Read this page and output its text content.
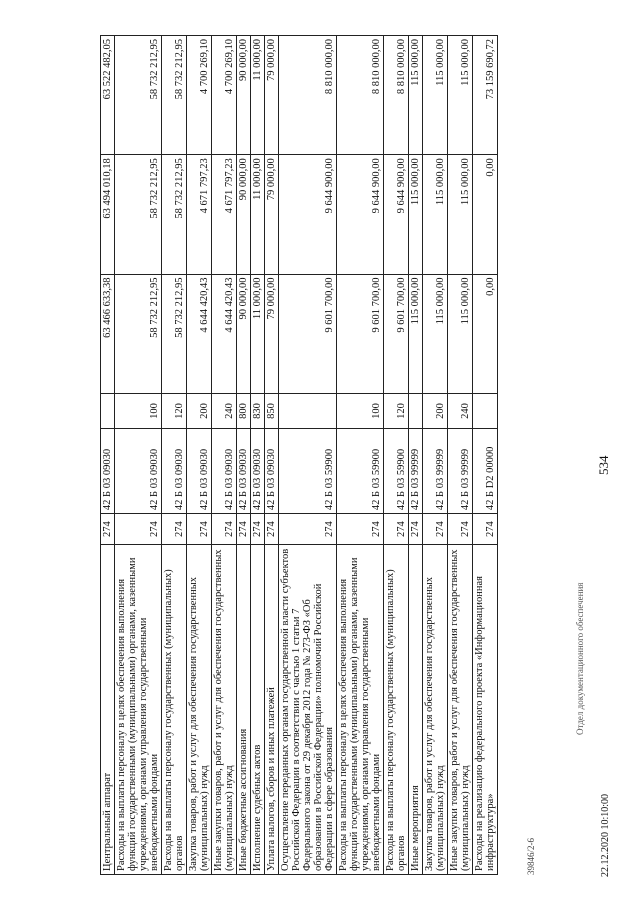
534
Центральный аппарат	274	42 Б 03 09030		63 466 633,38	63 494 010,18	63 522 482,05
Расходы на выплаты персоналу в целях обеспечения выполнения функций государственными (муниципальными) органами, казенными учреждениями, органами управления государственными внебюджетными фондами	274	42 Б 03 09030	100	58 732 212,95	58 732 212,95	58 732 212,95
Расходы на выплаты персоналу государственных (муниципальных) органов	274	42 Б 03 09030	120	58 732 212,95	58 732 212,95	58 732 212,95
Закупка товаров, работ и услуг для обеспечения государственных (муниципальных) нужд	274	42 Б 03 09030	200	4 644 420,43	4 671 797,23	4 700 269,10
Иные закупки товаров, работ и услуг для обеспечения государственных (муниципальных) нужд	274	42 Б 03 09030	240	4 644 420,43	4 671 797,23	4 700 269,10
Иные бюджетные ассигнования	274	42 Б 03 09030	800	90 000,00	90 000,00	90 000,00
Исполнение судебных актов	274	42 Б 03 09030	830	11 000,00	11 000,00	11 000,00
Уплата налогов, сборов и иных платежей	274	42 Б 03 09030	850	79 000,00	79 000,00	79 000,00
Осуществление переданных органам государственной власти субъектов Российской Федерации в соответствии с частью 1 статьи 7 Федерального закона от 29 декабря 2012 года № 273-ФЗ «Об образовании в Российской Федерации» полномочий Российской Федерации в сфере образования	274	42 Б 03 59900		9 601 700,00	9 644 900,00	8 810 000,00
Расходы на выплаты персоналу в целях обеспечения выполнения функций государственными (муниципальными) органами, казенными учреждениями, органами управления государственными внебюджетными фондами	274	42 Б 03 59900	100	9 601 700,00	9 644 900,00	8 810 000,00
Расходы на выплаты персоналу государственных (муниципальных) органов	274	42 Б 03 59900	120	9 601 700,00	9 644 900,00	8 810 000,00
Иные мероприятия	274	42 Б 03 99999		115 000,00	115 000,00	115 000,00
Закупка товаров, работ и услуг для обеспечения государственных (муниципальных) нужд	274	42 Б 03 99999	200	115 000,00	115 000,00	115 000,00
Иные закупки товаров, работ и услуг для обеспечения государственных (муниципальных) нужд	274	42 Б 03 99999	240	115 000,00	115 000,00	115 000,00
Расходы на реализацию федерального проекта «Информационная инфраструктура»	274	42 Б D2 00000		0,00	0,00	73 159 690,72
Отдел документационного обеспечения
22.12.2020 10:10:00
39846/2-6
